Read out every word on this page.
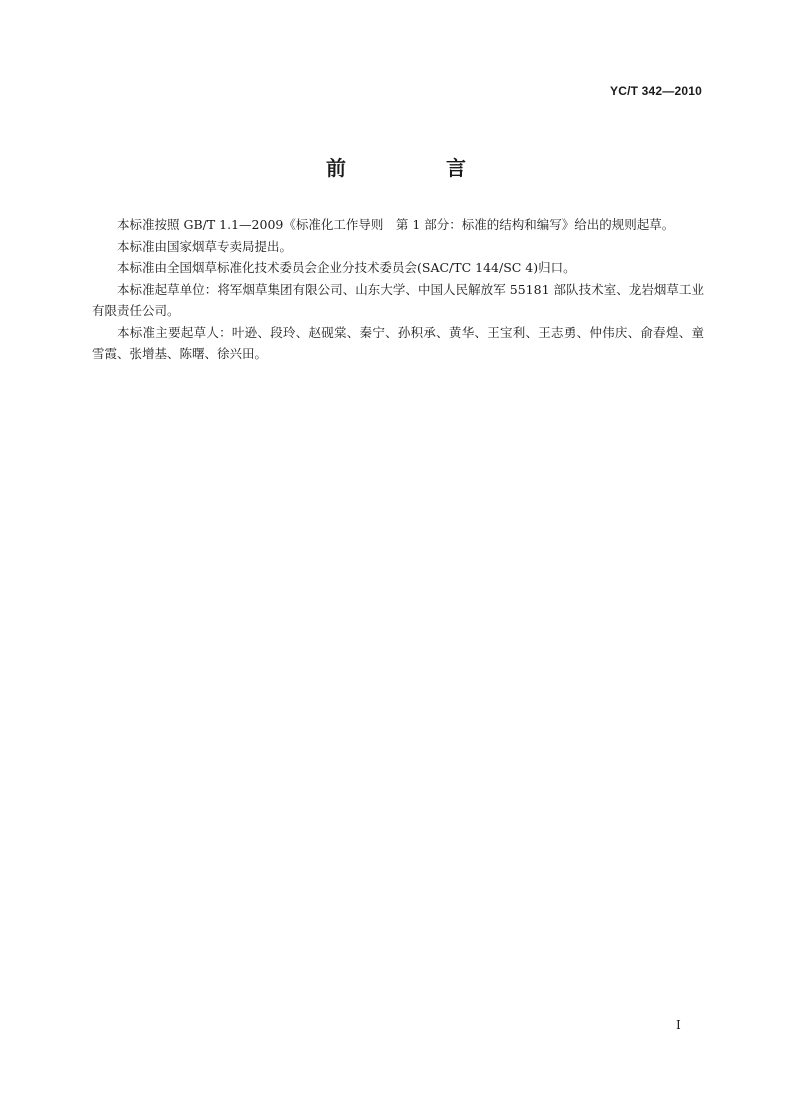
YC/T 342—2010
前　言

本标准按照 GB/T 1.1—2009《标准化工作导则　第 1 部分：标准的结构和编写》给出的规则起草。

本标准由国家烟草专卖局提出。

本标准由全国烟草标准化技术委员会企业分技术委员会(SAC/TC 144/SC 4)归口。

本标准起草单位：将军烟草集团有限公司、山东大学、中国人民解放军 55181 部队技术室、龙岩烟草工业有限责任公司。

本标准主要起草人：叶逊、段玲、赵砚棠、秦宁、孙积承、黄华、王宝利、王志勇、仲伟庆、俞春煌、童雪霞、张增基、陈曙、徐兴田。

I
